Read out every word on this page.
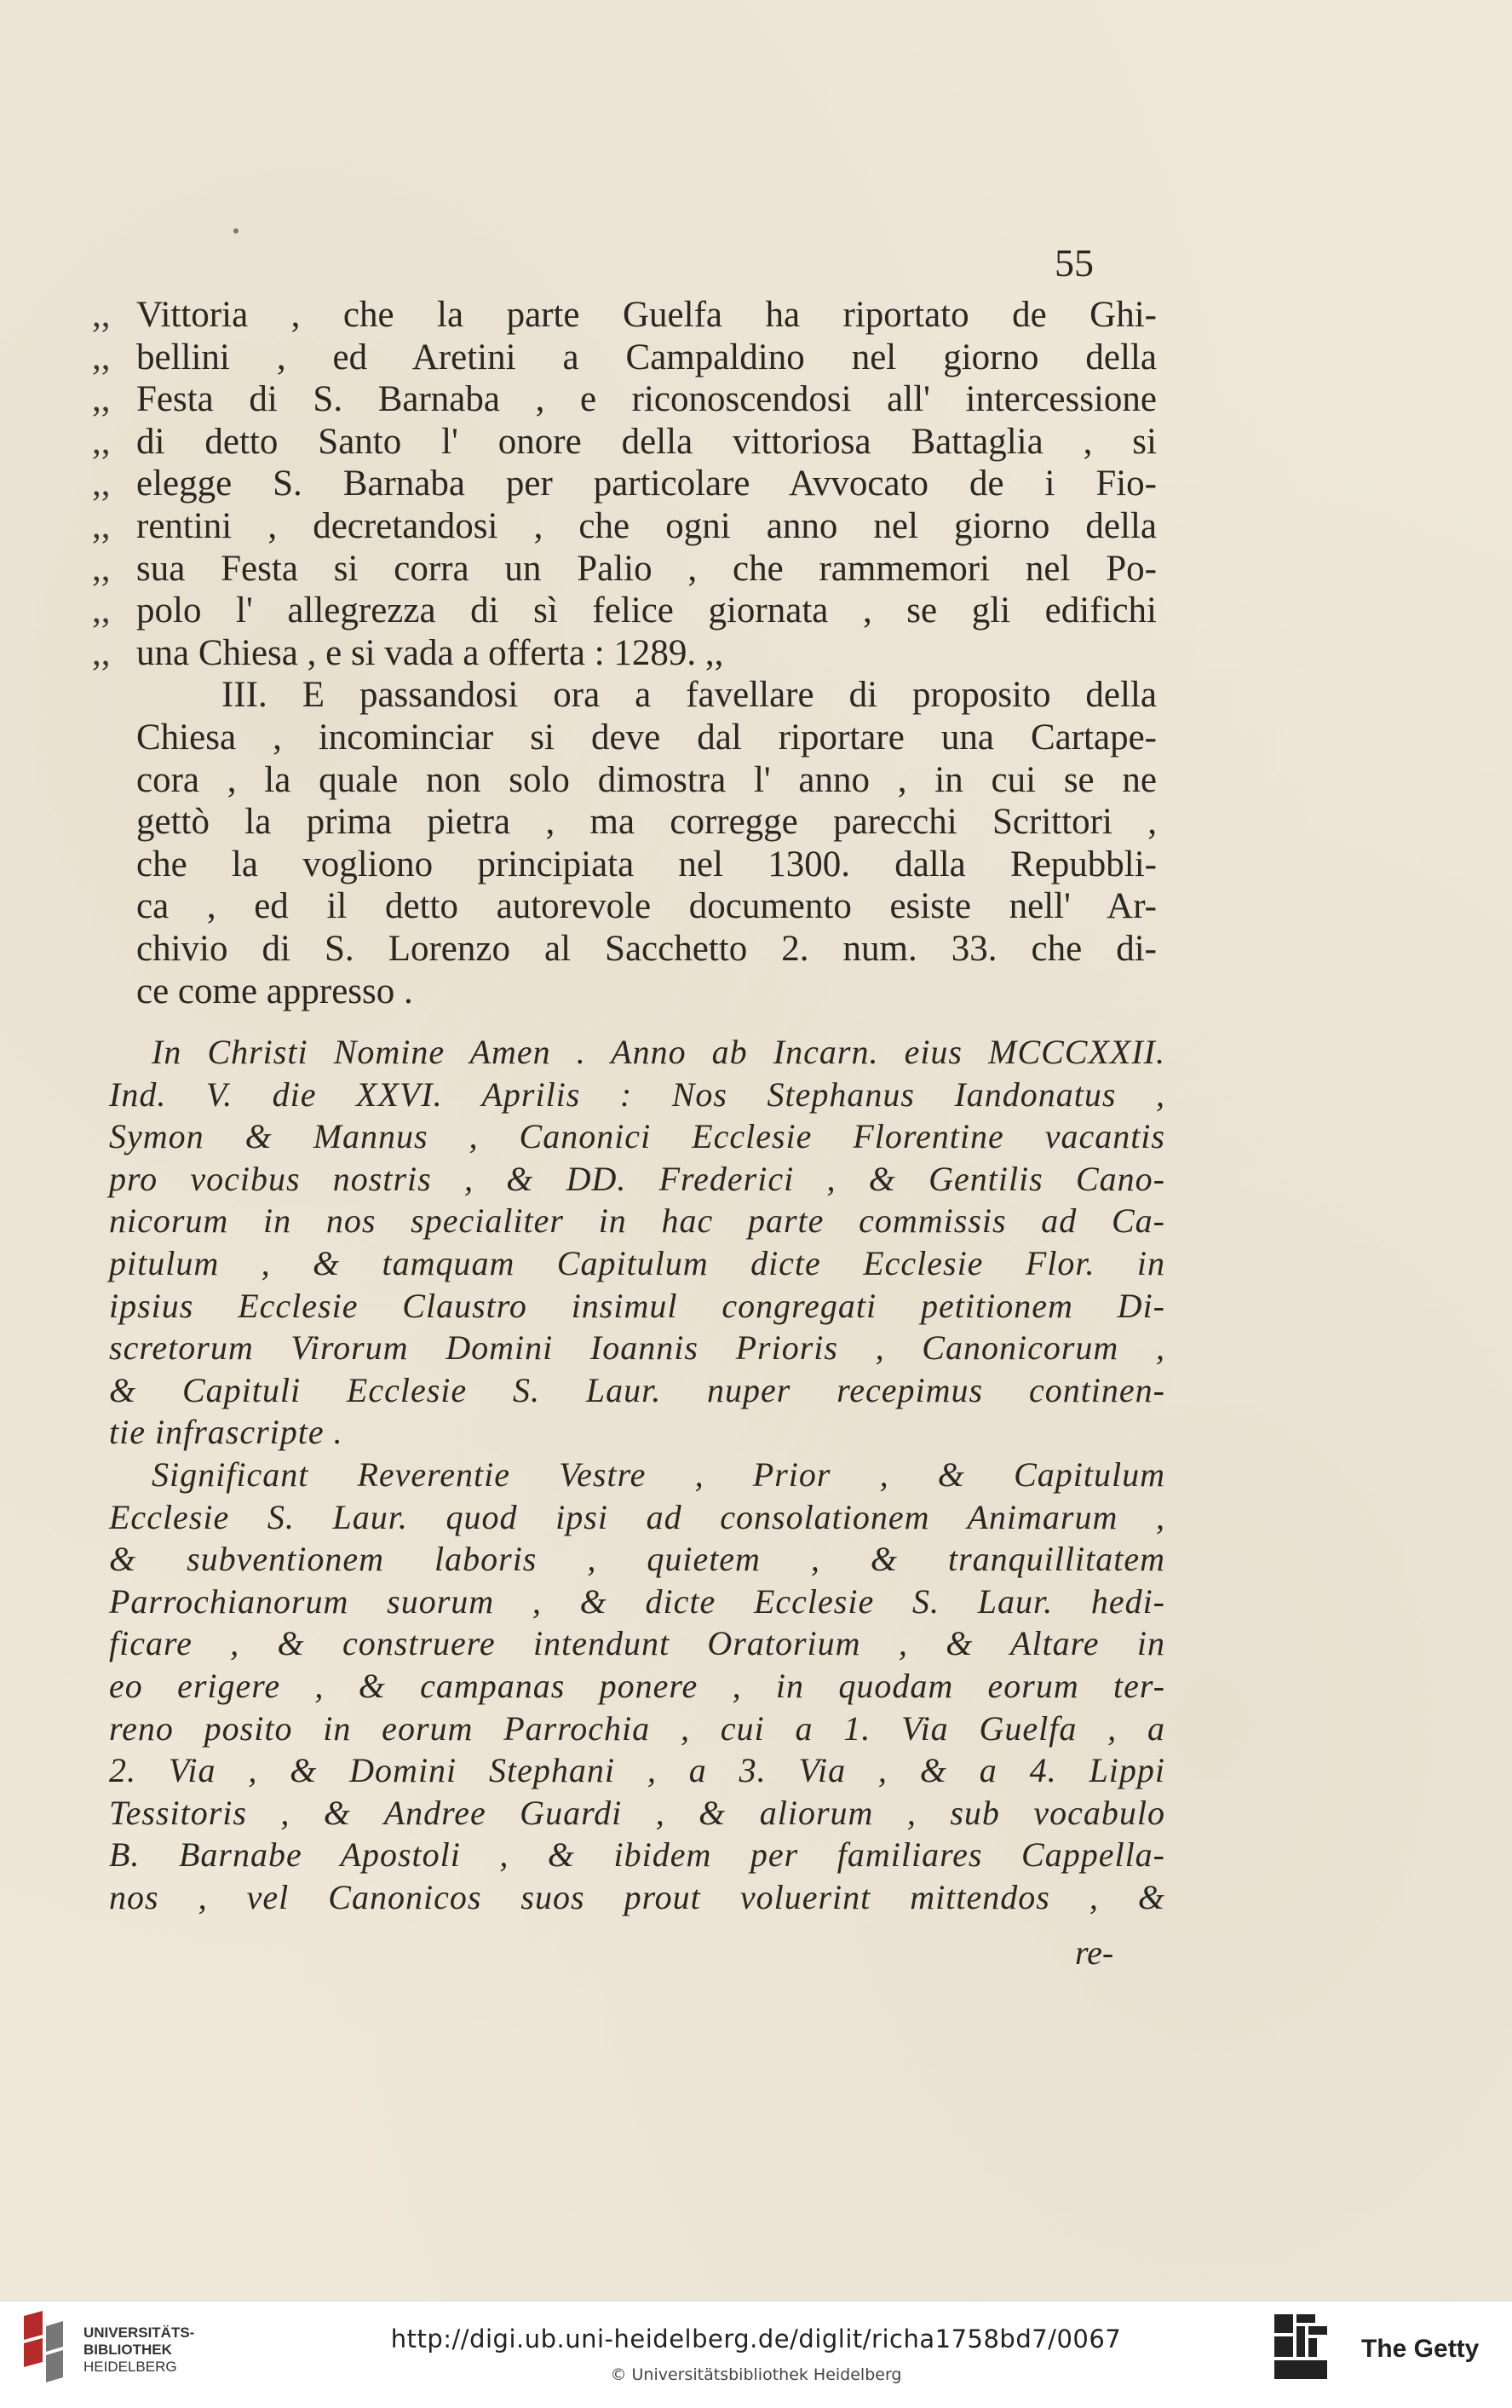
55
,, Vittoria , che la parte Guelfa ha riportato de Ghi-
,, bellini , ed Aretini a Campaldino nel giorno della
,, Festa di S. Barnaba , e riconoscendosi all' intercessione
,, di detto Santo l' onore della vittoriosa Battaglia , si
,, elegge S. Barnaba per particolare Avvocato de i Fio-
,, rentini , decretandosi , che ogni anno nel giorno della
,, sua Festa si corra un Palio , che rammemori nel Po-
,, polo l' allegrezza di sì felice giornata , se gli edifichi
,, una Chiesa , e si vada a offerta : 1289. ,,
III. E passandosi ora a favellare di proposito della
Chiesa , incominciar si deve dal riportare una Cartape-
cora , la quale non solo dimostra l' anno , in cui se ne
gettò la prima pietra , ma corregge parecchi Scrittori ,
che la vogliono principiata nel 1300. dalla Repubbli-
ca , ed il detto autorevole documento esiste nell' Ar-
chivio di S. Lorenzo al Sacchetto 2. num. 33. che di-
ce come appresso .
In Christi Nomine Amen . Anno ab Incarn. eius MCCCXXII.
Ind. V. die XXVI. Aprilis : Nos Stephanus Iandonatus ,
Symon & Mannus , Canonici Ecclesie Florentine vacantis
pro vocibus nostris , & DD. Frederici , & Gentilis Cano-
nicorum in nos specialiter in hac parte commissis ad Ca-
pitulum , & tamquam Capitulum dicte Ecclesie Flor. in
ipsius Ecclesie Claustro insimul congregati petitionem Di-
scretorum Virorum Domini Ioannis Prioris , Canonicorum ,
& Capituli Ecclesie S. Laur. nuper recepimus continen-
tie infrascripte .
Significant Reverentie Vestre , Prior , & Capitulum
Ecclesie S. Laur. quod ipsi ad consolationem Animarum ,
& subventionem laboris , quietem , & tranquillitatem
Parrochianorum suorum , & dicte Ecclesie S. Laur. hedi-
ficare , & construere intendunt Oratorium , & Altare in
eo erigere , & campanas ponere , in quodam eorum ter-
reno posito in eorum Parrochia , cui a 1. Via Guelfa , a
2. Via , & Domini Stephani , a 3. Via , & a 4. Lippi
Tessitoris , & Andree Guardi , & aliorum , sub vocabulo
B. Barnabe Apostoli , & ibidem per familiares Cappella-
nos , vel Canonicos suos prout voluerint mittendos , &
re-
UNIVERSITÄTS-
BIBLIOTHEK
HEIDELBERG
http://digi.ub.uni-heidelberg.de/diglit/richa1758bd7/0067
© Universitätsbibliothek Heidelberg
The Getty
